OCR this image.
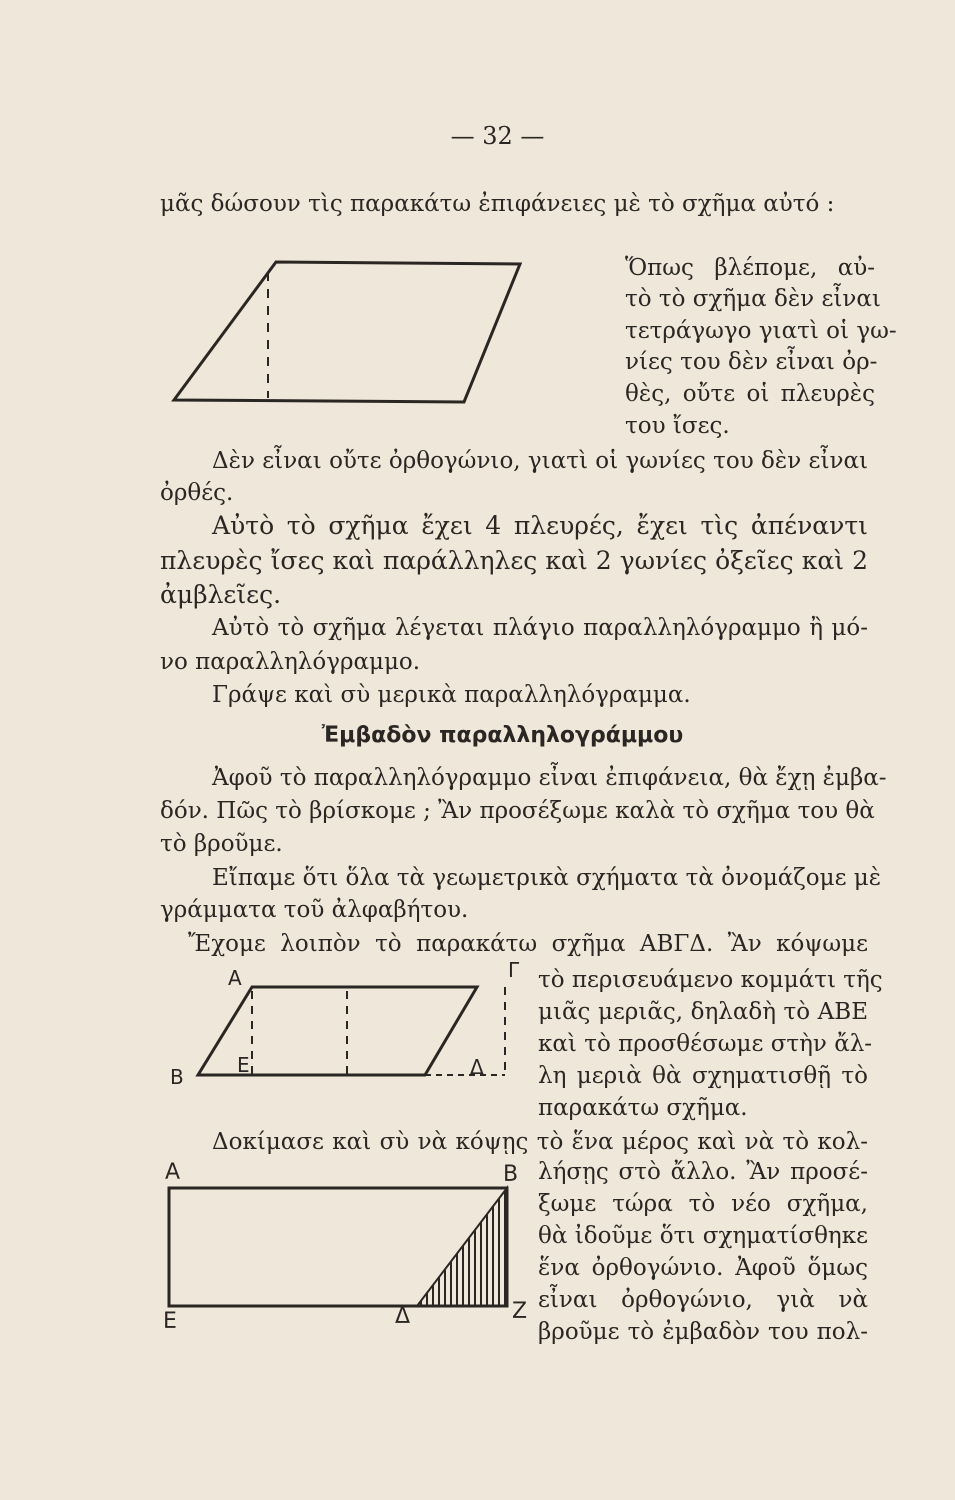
— 32 —
μᾶς δώσουν τὶς παρακάτω ἐπιφάνειες μὲ τὸ σχῆμα αὐτό :
Ὅπως βλέπομε, αὐ-
τὸ τὸ σχῆμα δὲν εἶναι
τετράγωγο γιατὶ οἱ γω-
νίες του δὲν εἶναι ὀρ-
θὲς, οὔτε οἱ πλευρὲς
του ἴσες.
Δὲν εἶναι οὔτε ὀρθογώνιο, γιατὶ οἱ γωνίες του δὲν εἶναι
ὀρθές.
Αὐτὸ τὸ σχῆμα ἔχει 4 πλευρές, ἔχει τὶς ἀπέναντι
πλευρὲς ἴσες καὶ παράλληλες καὶ 2 γωνίες ὀξεῖες καὶ 2
ἀμβλεῖες.
Αὐτὸ τὸ σχῆμα λέγεται πλάγιο παραλληλόγραμμο ἢ μό-
νο παραλληλόγραμμο.
Γράψε καὶ σὺ μερικὰ παραλληλόγραμμα.
Ἐμβαδὸν παραλληλογράμμου
Ἀφοῦ τὸ παραλληλόγραμμο εἶναι ἐπιφάνεια, θὰ ἔχῃ ἐμβα-
δόν. Πῶς τὸ βρίσκομε ; Ἂν προσέξωμε καλὰ τὸ σχῆμα του θὰ
τὸ βροῦμε.
Εἴπαμε ὅτι ὅλα τὰ γεωμετρικὰ σχήματα τὰ ὀνομάζομε μὲ
γράμματα τοῦ ἀλφαβήτου.
Ἔχομε λοιπὸν τὸ παρακάτω σχῆμα ΑΒΓΔ. Ἂν κόψωμε
Α
Β
Γ
Δ
Ε
τὸ περισευάμενο κομμάτι τῆς
μιᾶς μεριᾶς, δηλαδὴ τὸ ΑΒΕ
καὶ τὸ προσθέσωμε στὴν ἄλ-
λη μεριὰ θὰ σχηματισθῇ τὸ
παρακάτω σχῆμα.
Δοκίμασε καὶ σὺ νὰ κόψῃς τὸ ἕνα μέρος καὶ νὰ τὸ κολ-
Α	Β
Ε	Δ	Ζ
λήσῃς στὸ ἄλλο. Ἂν προσέ-
ξωμε τώρα τὸ νέο σχῆμα,
θὰ ἰδοῦμε ὅτι σχηματίσθηκε
ἕνα ὀρθογώνιο. Ἀφοῦ ὅμως
εἶναι ὀρθογώνιο, γιὰ νὰ
βροῦμε τὸ ἐμβαδὸν του πολ-
